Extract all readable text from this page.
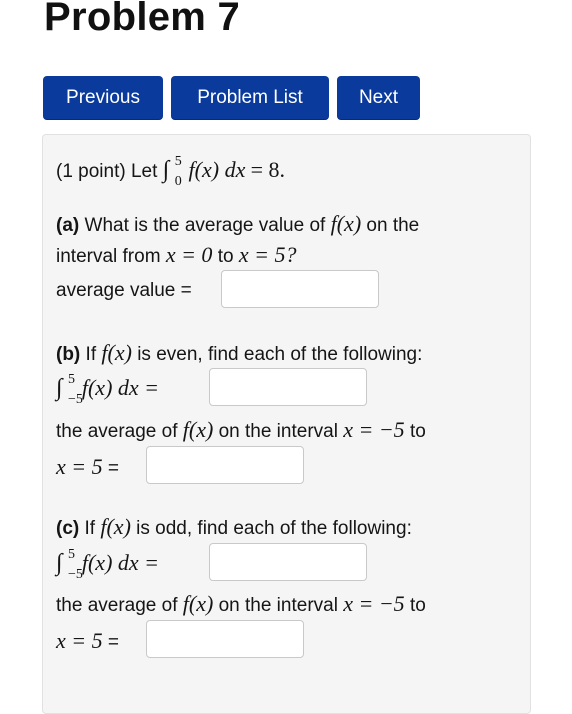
Problem 7
Previous	Problem List	Next
(1 point) Let ∫ 5
0 f(x) dx = 8.
(a) What is the average value of f(x) on the
interval from x = 0 to x = 5?
average value =
(b) If f(x) is even, find each of the following:
∫ 5
−5
f(x) dx =
the average of f(x) on the interval x = −5 to
x = 5 =
(c) If f(x) is odd, find each of the following:
∫ 5
−5
f(x) dx =
the average of f(x) on the interval x = −5 to
x = 5 =
